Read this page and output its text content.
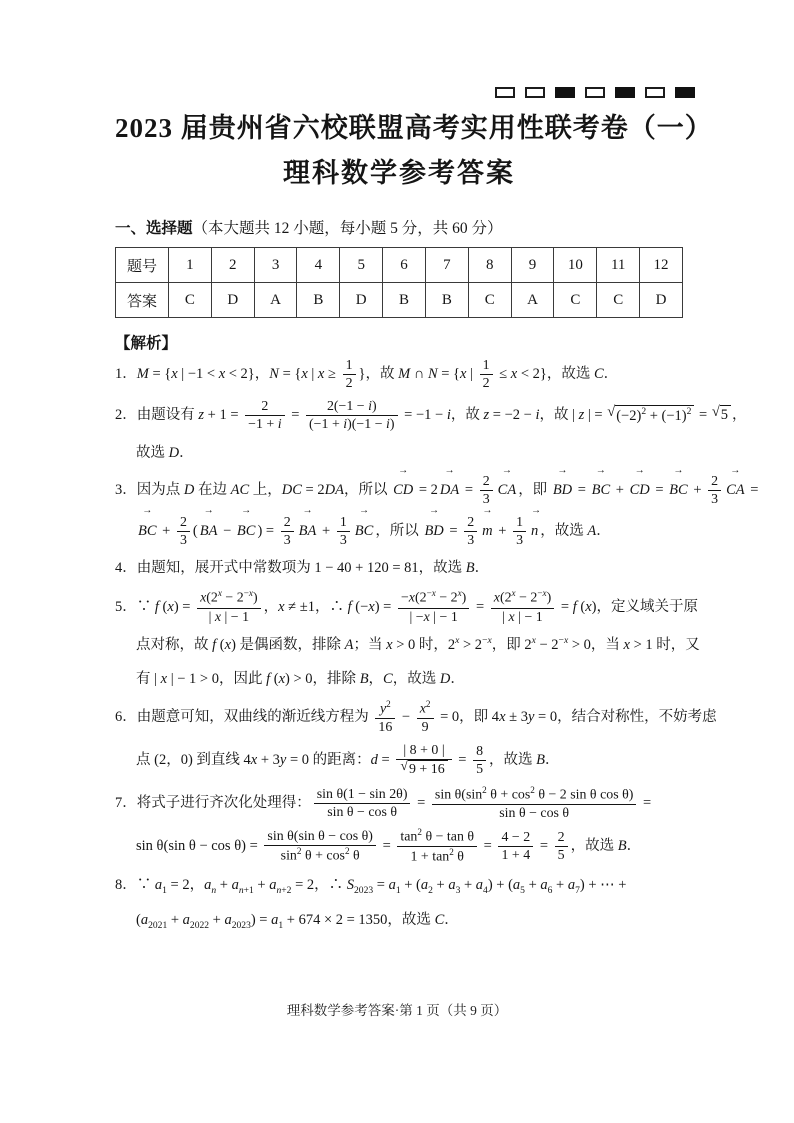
2023 届贵州省六校联盟高考实用性联考卷（一）
理科数学参考答案
一、选择题（本大题共 12 小题，每小题 5 分，共 60 分）
题号	1	2	3	4	5	6	7	8	9	10	11	12
答案	C	D	A	B	D	B	B	C	A	C	C	D
【解析】

1．M = {x | −1 < x < 2}，N = {x | $x \ge \frac{1}{2}$ }，故 M ∩ N = {x | $\frac{1}{2} \le x < 2$}，故选 C．

2．由题设有 $z + 1 = \frac{2}{-1 + i} = \frac{2(-1 - i)}{(-1 + i)(-1 - i)} = -1 - i$，故 z = −2 − i，故 | z | = √ $(-2)^2 + (-1)^2$ = √ 5 ，

故选 D．

3．因为点 D 在边 AC 上，DC = 2DA，所以 → CD = 2 → DA = $\frac{2}{3}$ → CA ，即 → BD = → BC + → CD = → BC + $\frac{2}{3}$ → CA =

→ BC + $\frac{2}{3}$ ( → BA − → BC ) = $\frac{2}{3}$ → BA + $\frac{1}{3}$ → BC ，所以 → BD = $\frac{2}{3} \to m + \frac{1}{3} \to n$ ，故选 A．

4．由题知，展开式中常数项为 1 − 40 + 120 = 81，故选 B．

5．∵ f $(x) = \frac{x(2^x - 2^{-x})}{| x | - 1}$ ，x ≠ ±1，∴ f $(-x) = \frac{-x(2^{-x} - 2^x)}{| -x | - 1} = \frac{x(2^x - 2^{-x})}{| x | - 1} = f$ (x)，定义域关于原

点对称，故 f (x) 是偶函数，排除 A；当 x > 0 时，$2^x > 2^{-x}$，即 $2^x - 2^{-x} > 0$，当 x > 1 时，又

有 | x | − 1 > 0，因此 f (x) > 0，排除 B，C，故选 D．

6．由题意可知，双曲线的渐近线方程为 $\frac{y^2}{16} - \frac{x^2}{9} = 0$，即 4x ± 3y = 0，结合对称性，不妨考虑

点 (2，0) 到直线 4x + 3y = 0 的距离：$d = \frac{| 8 + 0 |}{√ 9 + 16} = \frac{8}{5}$ ，故选 B．

7．将式子进行齐次化处理得： $\frac{\text{sin θ(1 − sin 2θ)}}{\text{sin θ − cos θ}} = \frac{\sin \theta(\sin^2 \theta + \cos^2 \theta - 2 \sin \theta \cos \theta)}{\text{sin θ − cos θ}}$ =

sin θ(sin $\theta - \cos \theta) = \frac{\text{sin θ(sin θ − cos θ)}}{\sin^2 \theta + \cos^2 \theta} = \frac{\tan^2 \theta - \tan \theta}{1 + \tan^2 \theta} = \frac{4 - 2}{1 + 4} = \frac{2}{5}$ ，故选 B．

8．∵ $a_1 = 2$，$a_n + a_{n+1} + a_{n+2} = 2$，∴ $S_{2023} = a_1 + (a_2 + a_3 + a_4) + (a_5 + a_6 + a_7)$ + ⋯ +

$(a_{2021} + a_{2022} + a_{2023}) = a_1 + 674 \times 2 = 1350$，故选 C．

理科数学参考答案·第 1 页（共 9 页）
